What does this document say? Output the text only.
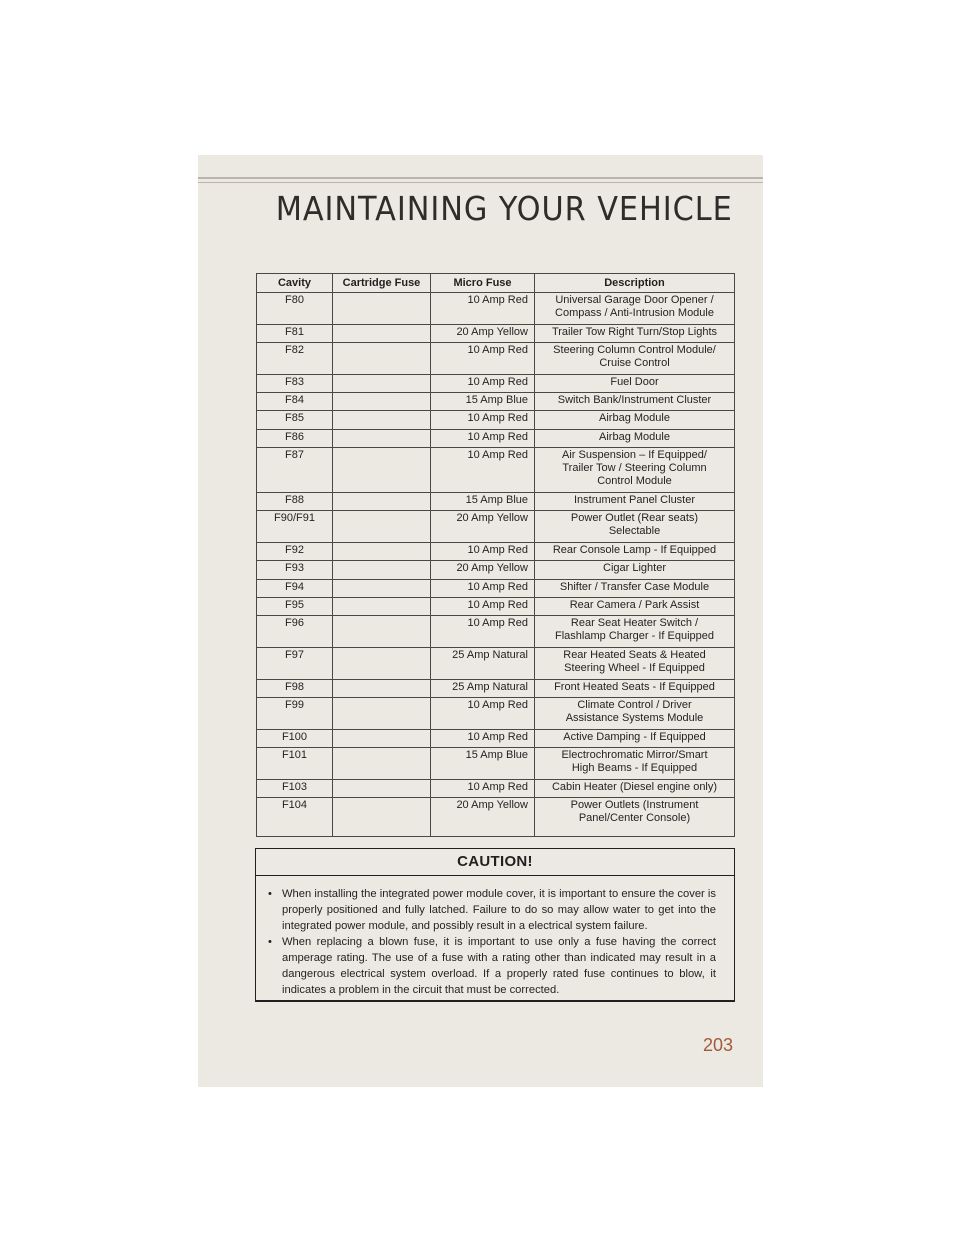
MAINTAINING YOUR VEHICLE
203
Cavity	Cartridge Fuse	Micro Fuse	Description
F80		10 Amp Red	Universal Garage Door Opener /
Compass / Anti-Intrusion Module

F81		20 Amp Yellow	Trailer Tow Right Turn/Stop Lights

F82		10 Amp Red	Steering Column Control Module/
Cruise Control

F83		10 Amp Red	Fuel Door

F84		15 Amp Blue	Switch Bank/Instrument Cluster

F85		10 Amp Red	Airbag Module

F86		10 Amp Red	Airbag Module

F87		10 Amp Red	Air Suspension – If Equipped/
Trailer Tow / Steering Column
Control Module

F88		15 Amp Blue	Instrument Panel Cluster

F90/F91		20 Amp Yellow	Power Outlet (Rear seats)
Selectable

F92		10 Amp Red	Rear Console Lamp - If Equipped

F93		20 Amp Yellow	Cigar Lighter

F94		10 Amp Red	Shifter / Transfer Case Module

F95		10 Amp Red	Rear Camera / Park Assist

F96		10 Amp Red	Rear Seat Heater Switch /
Flashlamp Charger - If Equipped

F97		25 Amp Natural	Rear Heated Seats & Heated
Steering Wheel - If Equipped

F98		25 Amp Natural	Front Heated Seats - If Equipped

F99		10 Amp Red	Climate Control / Driver
Assistance Systems Module

F100		10 Amp Red	Active Damping - If Equipped

F101		15 Amp Blue	Electrochromatic Mirror/Smart
High Beams - If Equipped

F103		10 Amp Red	Cabin Heater (Diesel engine only)

F104		20 Amp Yellow	Power Outlets (Instrument
Panel/Center Console)
CAUTION!
• When installing the integrated power module cover, it is important to ensure the cover is properly positioned and fully latched. Failure to do so may allow water to get into the integrated power module, and possibly result in a electrical system failure.
• When replacing a blown fuse, it is important to use only a fuse having the correct amperage rating. The use of a fuse with a rating other than indicated may result in a dangerous electrical system overload. If a properly rated fuse continues to blow, it indicates a problem in the circuit that must be corrected.
